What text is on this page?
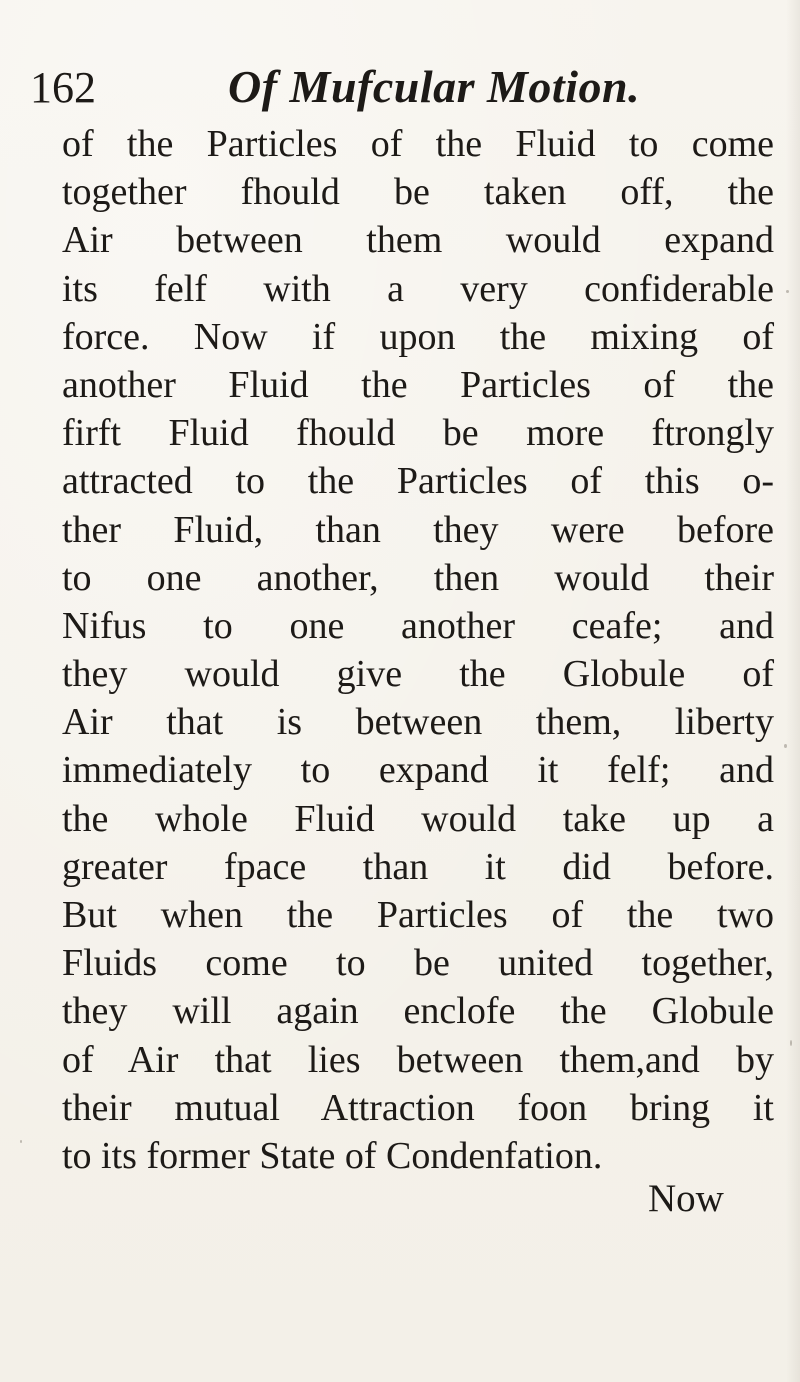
162	Of Mufcular Motion.
of the Particles of the Fluid to come
together fhould be taken off, the
Air between them would expand
its felf with a very confiderable
force. Now if upon the mixing of
another Fluid the Particles of the
firft Fluid fhould be more ftrongly
attracted to the Particles of this o-
ther Fluid, than they were before
to one another, then would their
Nifus to one another ceafe; and
they would give the Globule of
Air that is between them, liberty
immediately to expand it felf; and
the whole Fluid would take up a
greater fpace than it did before.
But when the Particles of the two
Fluids come to be united together,
they will again enclofe the Globule
of Air that lies between them,and by
their mutual Attraction foon bring it
to its former State of Condenfation.
Now
